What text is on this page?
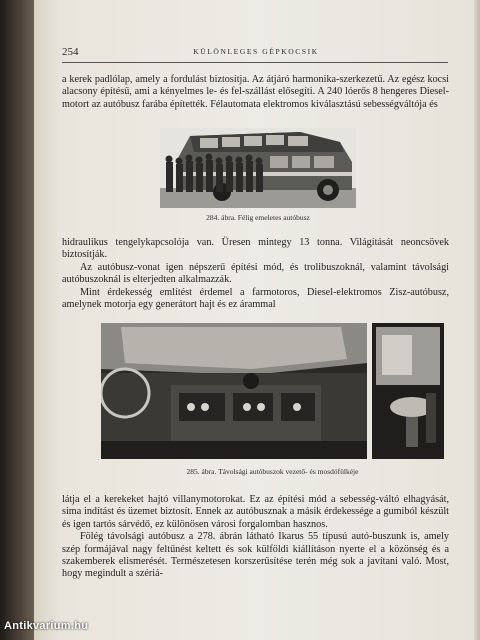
254	KÜLÖNLEGES GÉPKOCSIK

a kerek padlólap, amely a fordulást biztosítja. Az átjáró harmonika-szerkezetű. Az egész kocsi alacsony építésű, ami a kényelmes le- és fel-szállást elősegíti. A 240 lóerős 8 hengeres Diesel-motort az autóbusz farába építették. Félautomata elektromos kiválasztású sebességváltója és

284. ábra. Félig emeletes autóbusz

hidraulikus tengelykapcsolója van. Üresen mintegy 13 tonna. Világítását neoncsövek biztosítják.

Az autóbusz-vonat igen népszerű építési mód, és trolibuszoknál, valamint távolsági autóbuszoknál is elterjedten alkalmazzák.

Mint érdekesség említést érdemel a farmotoros, Diesel-elektromos Zisz-autóbusz, amelynek motorja egy generátort hajt és ez árammal

285. ábra. Távolsági autóbuszok vezető- és mosdófülkéje

látja el a kerekeket hajtó villanymotorokat. Ez az építési mód a sebesség-váltó elhagyását, sima indítást és üzemet biztosít. Ennek az autóbusznak a másik érdekessége a gumiból készült és igen tartós sárvédő, ez különösen városi forgalomban hasznos.

Fölég távolsági autóbusz a 278. ábrán látható Ikarus 55 típusú autó-buszunk is, amely szép formájával nagy feltűnést keltett és sok külföldi kiállításon nyerte el a közönség és a szakemberek elismerését. Természetesen korszerűsítése terén még sok a javítani való. Most, hogy megindult a szériá-

Antikvarium.hu
